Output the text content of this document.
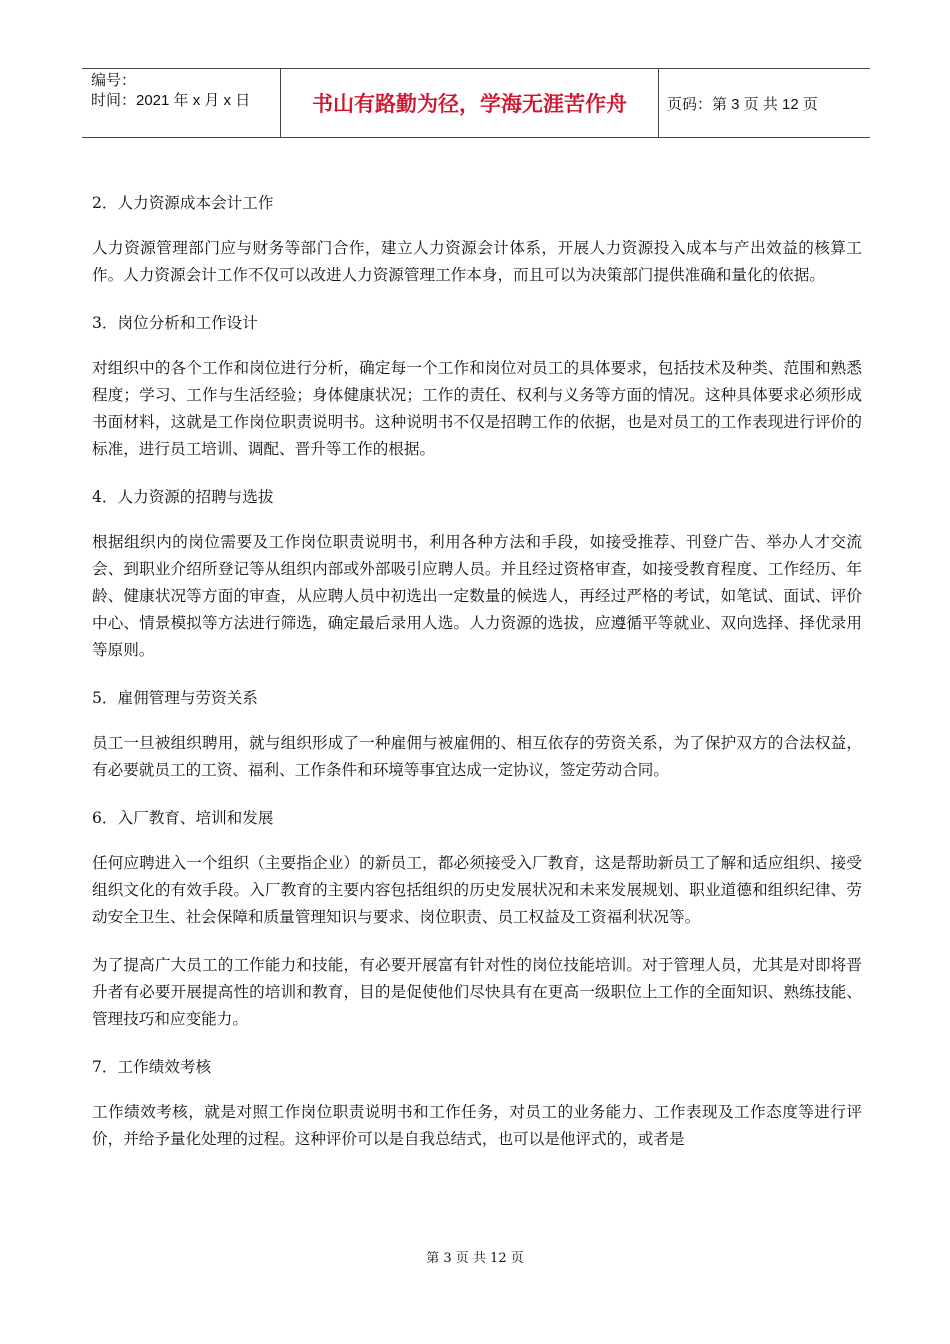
编号：
时间：2021 年 x 月 x 日	书山有路勤为径，学海无涯苦作舟	页码：第 3 页 共 12 页
2．人力资源成本会计工作
人力资源管理部门应与财务等部门合作，建立人力资源会计体系，开展人力资源投入成本与产出效益的核算工作。人力资源会计工作不仅可以改进人力资源管理工作本身，而且可以为决策部门提供准确和量化的依据。
3．岗位分析和工作设计
对组织中的各个工作和岗位进行分析，确定每一个工作和岗位对员工的具体要求，包括技术及种类、范围和熟悉程度；学习、工作与生活经验；身体健康状况；工作的责任、权利与义务等方面的情况。这种具体要求必须形成书面材料，这就是工作岗位职责说明书。这种说明书不仅是招聘工作的依据，也是对员工的工作表现进行评价的标准，进行员工培训、调配、晋升等工作的根据。
4．人力资源的招聘与选拔
根据组织内的岗位需要及工作岗位职责说明书，利用各种方法和手段，如接受推荐、刊登广告、举办人才交流会、到职业介绍所登记等从组织内部或外部吸引应聘人员。并且经过资格审查，如接受教育程度、工作经历、年龄、健康状况等方面的审查，从应聘人员中初选出一定数量的候选人，再经过严格的考试，如笔试、面试、评价中心、情景模拟等方法进行筛选，确定最后录用人选。人力资源的选拔，应遵循平等就业、双向选择、择优录用等原则。
5．雇佣管理与劳资关系
员工一旦被组织聘用，就与组织形成了一种雇佣与被雇佣的、相互依存的劳资关系，为了保护双方的合法权益，有必要就员工的工资、福利、工作条件和环境等事宜达成一定协议，签定劳动合同。
6．入厂教育、培训和发展
任何应聘进入一个组织（主要指企业）的新员工，都必须接受入厂教育，这是帮助新员工了解和适应组织、接受组织文化的有效手段。入厂教育的主要内容包括组织的历史发展状况和未来发展规划、职业道德和组织纪律、劳动安全卫生、社会保障和质量管理知识与要求、岗位职责、员工权益及工资福利状况等。
为了提高广大员工的工作能力和技能，有必要开展富有针对性的岗位技能培训。对于管理人员，尤其是对即将晋升者有必要开展提高性的培训和教育，目的是促使他们尽快具有在更高一级职位上工作的全面知识、熟练技能、管理技巧和应变能力。
7．工作绩效考核
工作绩效考核，就是对照工作岗位职责说明书和工作任务，对员工的业务能力、工作表现及工作态度等进行评价，并给予量化处理的过程。这种评价可以是自我总结式，也可以是他评式的，或者是
第 3 页 共 12 页
